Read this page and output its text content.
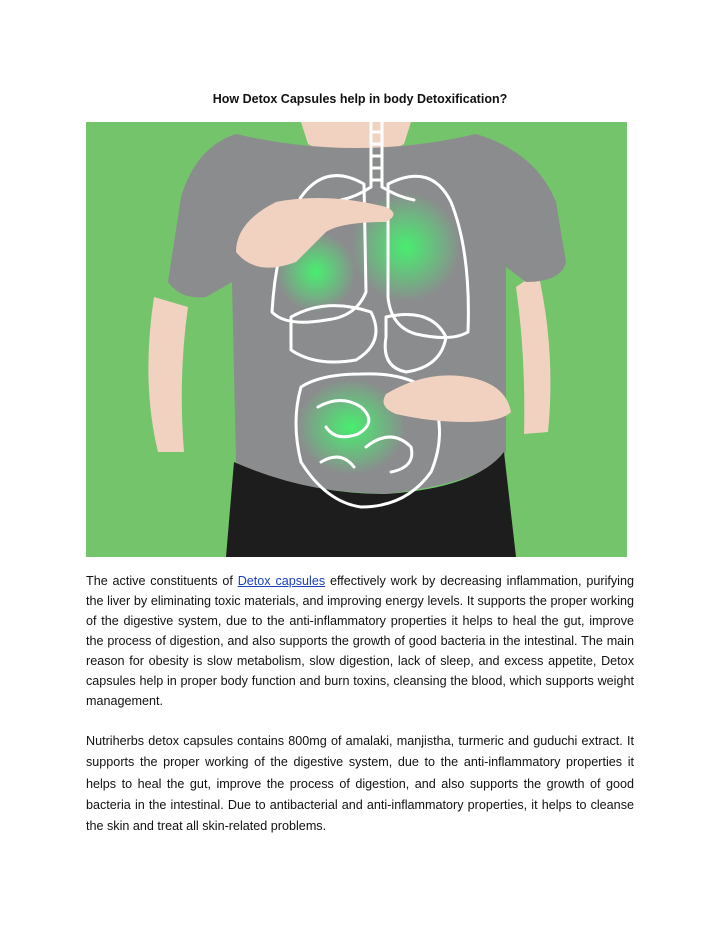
How Detox Capsules help in body Detoxification?

The active constituents of Detox capsules effectively work by decreasing inflammation, purifying the liver by eliminating toxic materials, and improving energy levels. It supports the proper working of the digestive system, due to the anti-inflammatory properties it helps to heal the gut, improve the process of digestion, and also supports the growth of good bacteria in the intestinal. The main reason for obesity is slow metabolism, slow digestion, lack of sleep, and excess appetite, Detox capsules help in proper body function and burn toxins, cleansing the blood, which supports weight management.

Nutriherbs detox capsules contains 800mg of amalaki, manjistha, turmeric and guduchi extract. It supports the proper working of the digestive system, due to the anti-inflammatory properties it helps to heal the gut, improve the process of digestion, and also supports the growth of good bacteria in the intestinal. Due to antibacterial and anti-inflammatory properties, it helps to cleanse the skin and treat all skin-related problems.
